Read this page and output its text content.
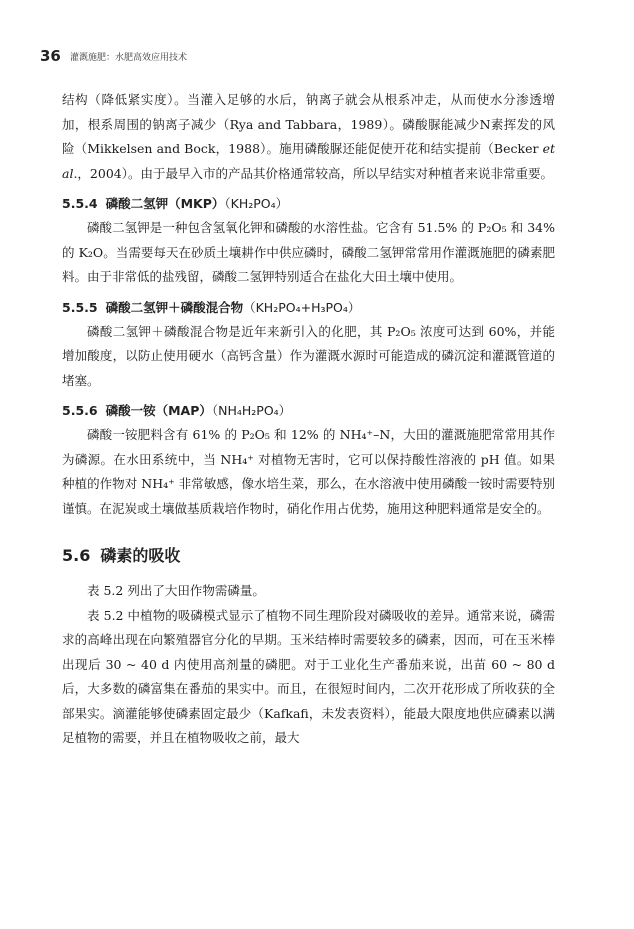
36 灌溉施肥：水肥高效应用技术

结构（降低紧实度）。当灌入足够的水后，钠离子就会从根系冲走，从而使水分渗透增加，根系周围的钠离子减少（Rya and Tabbara，1989）。磷酸脲能减少N素挥发的风险（Mikkelsen and Bock，1988）。施用磷酸脲还能促使开花和结实提前（Becker et al.，2004）。由于最早入市的产品其价格通常较高，所以早结实对种植者来说非常重要。

5.5.4 磷酸二氢钾（MKP）（KH₂PO₄）

磷酸二氢钾是一种包含氢氧化钾和磷酸的水溶性盐。它含有 51.5% 的 P₂O₅ 和 34% 的 K₂O。当需要每天在砂质土壤耕作中供应磷时，磷酸二氢钾常常用作灌溉施肥的磷素肥料。由于非常低的盐残留，磷酸二氢钾特别适合在盐化大田土壤中使用。

5.5.5 磷酸二氢钾＋磷酸混合物（KH₂PO₄+H₃PO₄）

磷酸二氢钾＋磷酸混合物是近年来新引入的化肥，其 P₂O₅ 浓度可达到 60%，并能增加酸度，以防止使用硬水（高钙含量）作为灌溉水源时可能造成的磷沉淀和灌溉管道的堵塞。

5.5.6 磷酸一铵（MAP）（NH₄H₂PO₄）

磷酸一铵肥料含有 61% 的 P₂O₅ 和 12% 的 NH₄⁺–N，大田的灌溉施肥常常用其作为磷源。在水田系统中，当 NH₄⁺ 对植物无害时，它可以保持酸性溶液的 pH 值。如果种植的作物对 NH₄⁺ 非常敏感，像水培生菜，那么，在水溶液中使用磷酸一铵时需要特别谨慎。在泥炭或土壤做基质栽培作物时，硝化作用占优势，施用这种肥料通常是安全的。

5.6 磷素的吸收

表 5.2 列出了大田作物需磷量。

表 5.2 中植物的吸磷模式显示了植物不同生理阶段对磷吸收的差异。通常来说，磷需求的高峰出现在向繁殖器官分化的早期。玉米结棒时需要较多的磷素，因而，可在玉米棒出现后 30 ~ 40 d 内使用高剂量的磷肥。对于工业化生产番茄来说，出苗 60 ~ 80 d 后，大多数的磷富集在番茄的果实中。而且，在很短时间内，二次开花形成了所收获的全部果实。滴灌能够使磷素固定最少（Kafkafi，未发表资料），能最大限度地供应磷素以满足植物的需要，并且在植物吸收之前，最大
